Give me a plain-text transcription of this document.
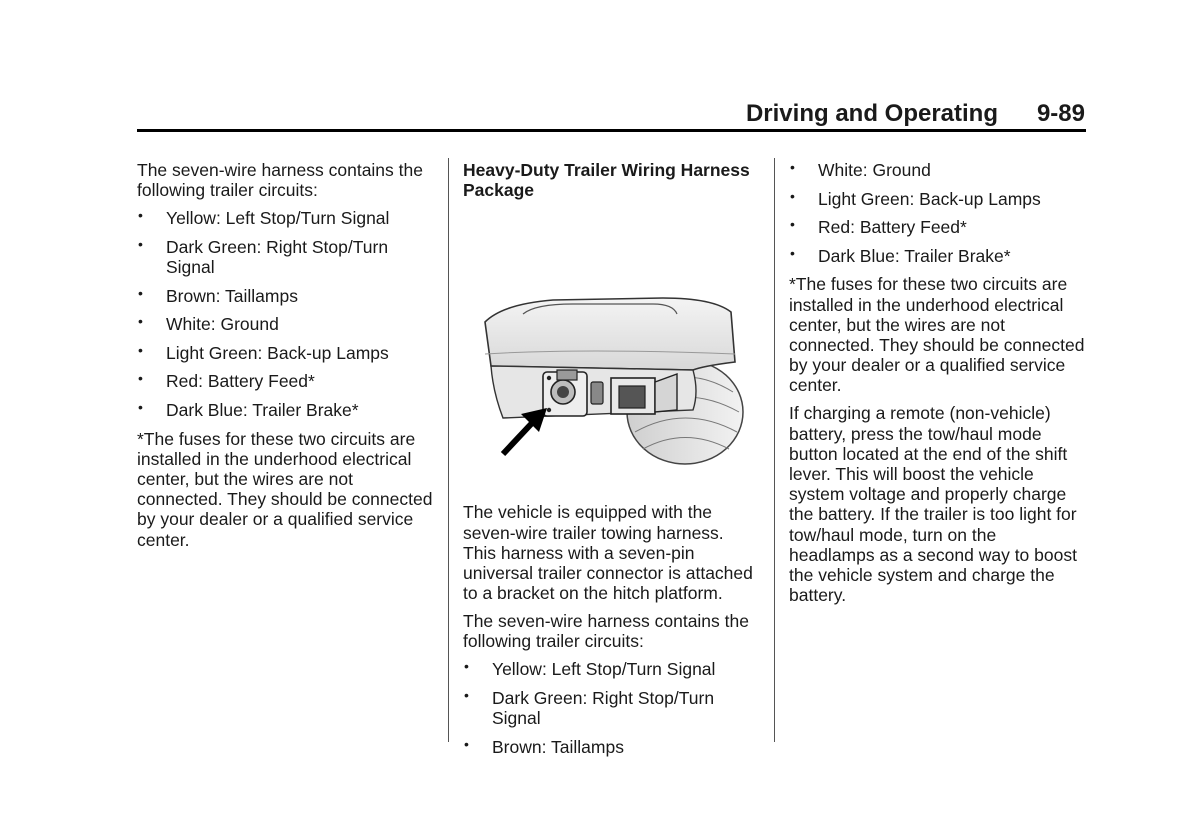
Driving and Operating 9-89

The seven-wire harness contains the following trailer circuits:

• Yellow: Left Stop/Turn Signal
• Dark Green: Right Stop/Turn Signal
• Brown: Taillamps
• White: Ground
• Light Green: Back-up Lamps
• Red: Battery Feed*
• Dark Blue: Trailer Brake*

*The fuses for these two circuits are installed in the underhood electrical center, but the wires are not connected. They should be connected by your dealer or a qualified service center.

Heavy-Duty Trailer Wiring Harness Package

The vehicle is equipped with the seven-wire trailer towing harness. This harness with a seven-pin universal trailer connector is attached to a bracket on the hitch platform.

The seven-wire harness contains the following trailer circuits:

• Yellow: Left Stop/Turn Signal
• Dark Green: Right Stop/Turn Signal
• Brown: Taillamps
• White: Ground
• Light Green: Back-up Lamps
• Red: Battery Feed*
• Dark Blue: Trailer Brake*

*The fuses for these two circuits are installed in the underhood electrical center, but the wires are not connected. They should be connected by your dealer or a qualified service center.

If charging a remote (non-vehicle) battery, press the tow/haul mode button located at the end of the shift lever. This will boost the vehicle system voltage and properly charge the battery. If the trailer is too light for tow/haul mode, turn on the headlamps as a second way to boost the vehicle system and charge the battery.
